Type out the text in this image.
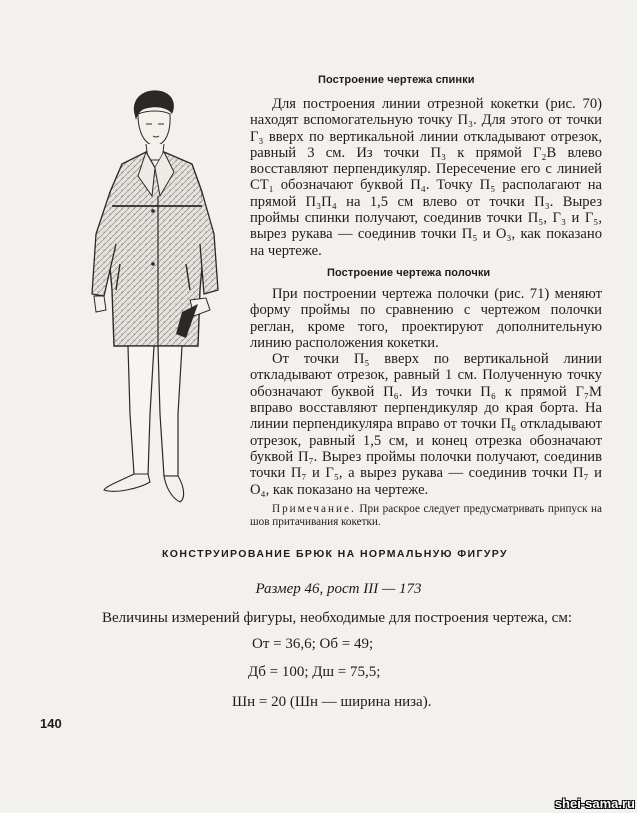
Построение чертежа спинки

Для построения линии отрезной кокетки (рис. 70) находят вспомогательную точку П₃. Для этого от точки Г₃ вверх по вертикальной линии откладывают отрезок, равный 3 см. Из точки П₃ к прямой Г₂В влево восставляют перпендикуляр. Пересечение его с линией СТ₁ обозначают буквой П₄. Точку П₅ располагают на прямой П₃П₄ на 1,5 см влево от точки П₃. Вырез проймы спинки получают, соединив точки П₅, Г₃ и Г₅, вырез рукава — соединив точки П₅ и О₃, как показано на чертеже.

Построение чертежа полочки

При построении чертежа полочки (рис. 71) меняют форму проймы по сравнению с чертежом полочки реглан, кроме того, проектируют дополнительную линию расположения кокетки.

От точки П₅ вверх по вертикальной линии откладывают отрезок, равный 1 см. Полученную точку обозначают буквой П₆. Из точки П₆ к прямой Г₇М вправо восставляют перпендикуляр до края борта. На линии перпендикуляра вправо от точки П₆ откладывают отрезок, равный 1,5 см, и конец отрезка обозначают буквой П₇. Вырез проймы полочки получают, соединив точки П₇ и Г₅, а вырез рукава — соединив точки П₇ и О₄, как показано на чертеже.

Примечание. При раскрое следует предусматривать припуск на шов притачивания кокетки.
КОНСТРУИРОВАНИЕ БРЮК НА НОРМАЛЬНУЮ ФИГУРУ
Размер 46, рост III — 173
Величины измерений фигуры, необходимые для построения чертежа, см:
Oт = 36,6; Oб = 49;
Дб = 100; Дш = 75,5;
Шн = 20 (Шн — ширина низа).
140
shei-sama.ru
